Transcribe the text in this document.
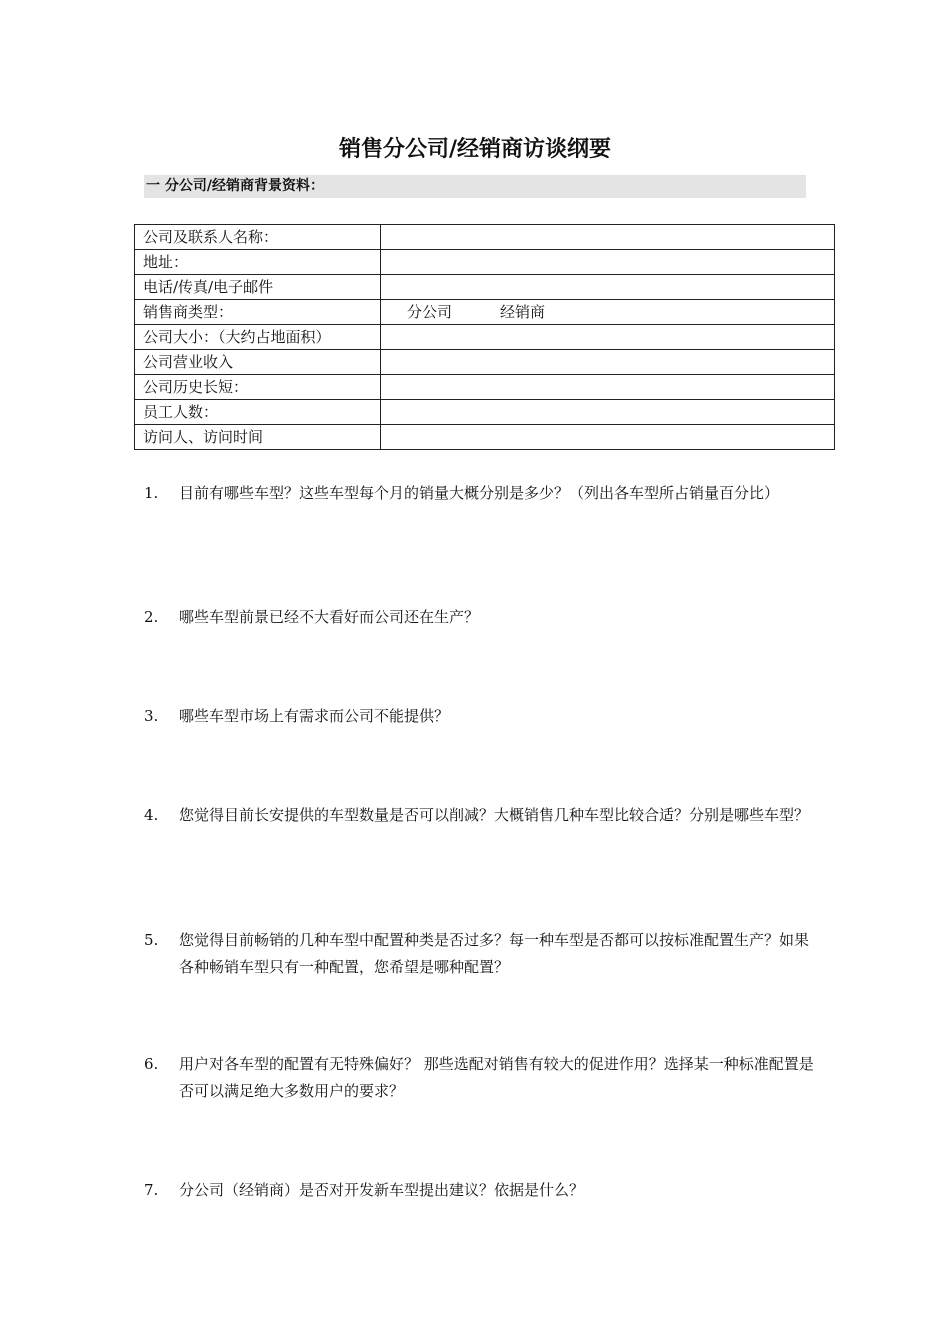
销售分公司/经销商访谈纲要
一 分公司/经销商背景资料：
公司及联系人名称：	
地址：	
电话/传真/电子邮件	
销售商类型：	分公司 经销商
公司大小：（大约占地面积）	
公司营业收入	
公司历史长短：	
员工人数：	
访问人、访问时间	
1.	目前有哪些车型？这些车型每个月的销量大概分别是多少？（列出各车型所占销量百分比）
2.	哪些车型前景已经不大看好而公司还在生产？
3.	哪些车型市场上有需求而公司不能提供？
4.	您觉得目前长安提供的车型数量是否可以削减？大概销售几种车型比较合适？分别是哪些车型？
5.	您觉得目前畅销的几种车型中配置种类是否过多？每一种车型是否都可以按标准配置生产？如果各种畅销车型只有一种配置，您希望是哪种配置？
6.	用户对各车型的配置有无特殊偏好？ 那些选配对销售有较大的促进作用？选择某一种标准配置是否可以满足绝大多数用户的要求？
7.	分公司（经销商）是否对开发新车型提出建议？依据是什么？
